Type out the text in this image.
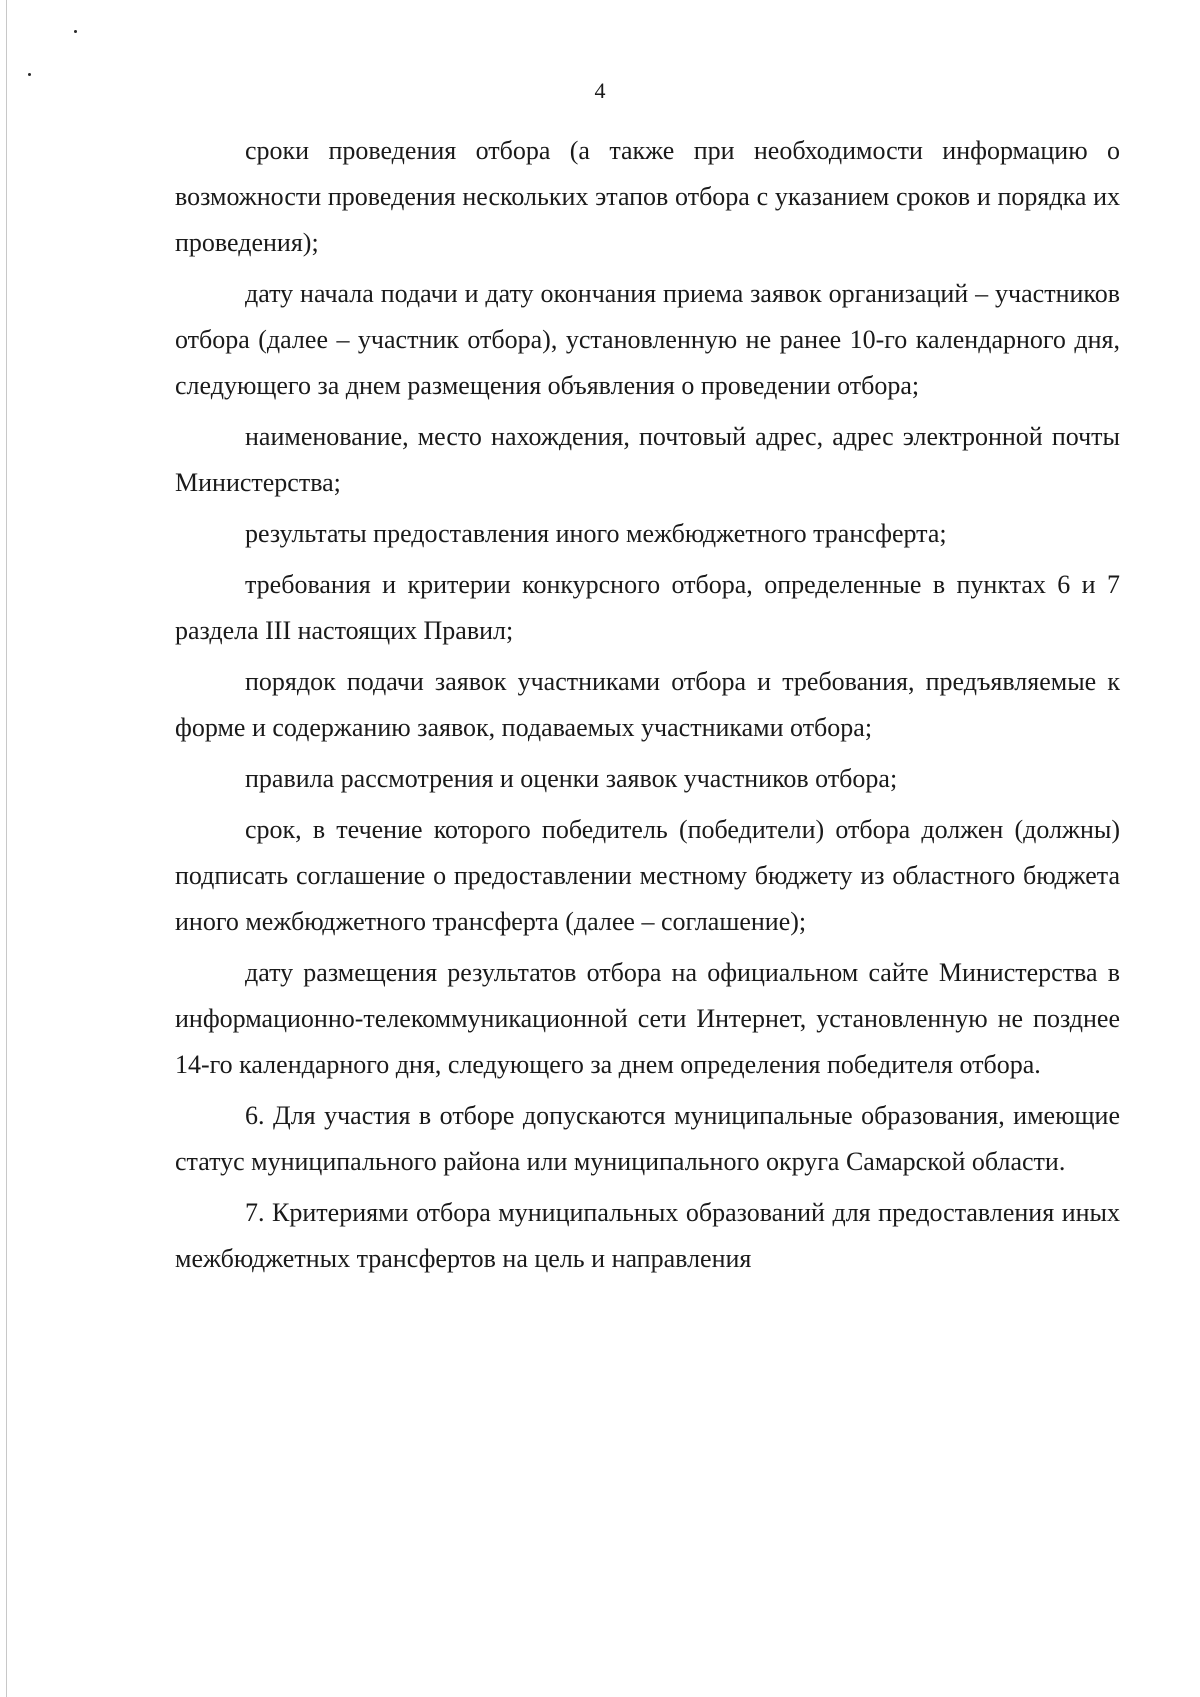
4

сроки проведения отбора (а также при необходимости информацию о возможности проведения нескольких этапов отбора с указанием сроков и порядка их проведения);

дату начала подачи и дату окончания приема заявок организаций – участников отбора (далее – участник отбора), установленную не ранее 10-го календарного дня, следующего за днем размещения объявления о проведении отбора;

наименование, место нахождения, почтовый адрес, адрес электронной почты Министерства;

результаты предоставления иного межбюджетного трансферта;

требования и критерии конкурсного отбора, определенные в пунктах 6 и 7 раздела III настоящих Правил;

порядок подачи заявок участниками отбора и требования, предъявляемые к форме и содержанию заявок, подаваемых участниками отбора;

правила рассмотрения и оценки заявок участников отбора;

срок, в течение которого победитель (победители) отбора должен (должны) подписать соглашение о предоставлении местному бюджету из областного бюджета иного межбюджетного трансферта (далее – соглашение);

дату размещения результатов отбора на официальном сайте Министерства в информационно-телекоммуникационной сети Интернет, установленную не позднее 14-го календарного дня, следующего за днем определения победителя отбора.

6. Для участия в отборе допускаются муниципальные образования, имеющие статус муниципального района или муниципального округа Самарской области.

7. Критериями отбора муниципальных образований для предоставления иных межбюджетных трансфертов на цель и направления
